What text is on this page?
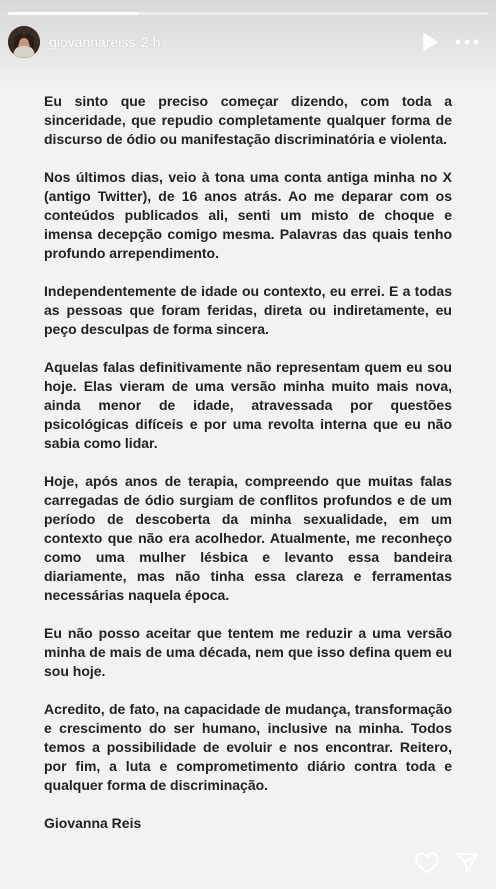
giovannareiss 2 h

Eu sinto que preciso começar dizendo, com toda a sinceridade, que repudio completamente qualquer forma de discurso de ódio ou manifestação discriminatória e violenta.

Nos últimos dias, veio à tona uma conta antiga minha no X (antigo Twitter), de 16 anos atrás. Ao me deparar com os conteúdos publicados ali, senti um misto de choque e imensa decepção comigo mesma. Palavras das quais tenho profundo arrependimento.

Independentemente de idade ou contexto, eu errei. E a todas as pessoas que foram feridas, direta ou indiretamente, eu peço desculpas de forma sincera.

Aquelas falas definitivamente não representam quem eu sou hoje. Elas vieram de uma versão minha muito mais nova, ainda menor de idade, atravessada por questões psicológicas difíceis e por uma revolta interna que eu não sabia como lidar.

Hoje, após anos de terapia, compreendo que muitas falas carregadas de ódio surgiam de conflitos profundos e de um período de descoberta da minha sexualidade, em um contexto que não era acolhedor. Atualmente, me reconheço como uma mulher lésbica e levanto essa bandeira diariamente, mas não tinha essa clareza e ferramentas necessárias naquela época.

Eu não posso aceitar que tentem me reduzir a uma versão minha de mais de uma década, nem que isso defina quem eu sou hoje.

Acredito, de fato, na capacidade de mudança, transformação e crescimento do ser humano, inclusive na minha. Todos temos a possibilidade de evoluir e nos encontrar. Reitero, por fim, a luta e comprometimento diário contra toda e qualquer forma de discriminação.

Giovanna Reis
